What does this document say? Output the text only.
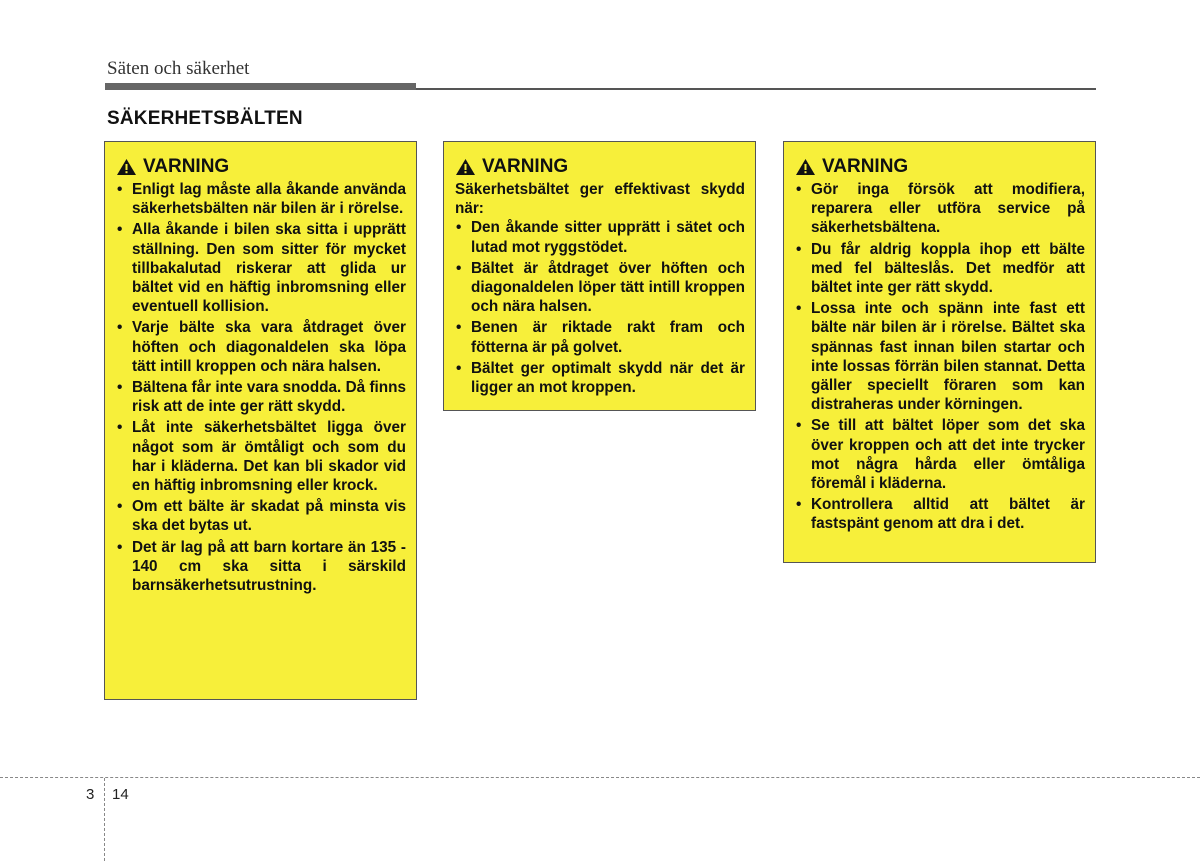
Säten och säkerhet
SÄKERHETSBÄLTEN
VARNING
• Enligt lag måste alla åkande använda säkerhetsbälten när bilen är i rörelse.
• Alla åkande i bilen ska sitta i upprätt ställning. Den som sitter för mycket tillbakalutad riskerar att glida ur bältet vid en häftig inbromsning eller eventuell kollision.
• Varje bälte ska vara åtdraget över höften och diagonaldelen ska löpa tätt intill kroppen och nära halsen.
• Bältena får inte vara snodda. Då finns risk att de inte ger rätt skydd.
• Låt inte säkerhetsbältet ligga över något som är ömtåligt och som du har i kläderna. Det kan bli skador vid en häftig inbromsning eller krock.
• Om ett bälte är skadat på minsta vis ska det bytas ut.
• Det är lag på att barn kortare än 135 - 140 cm ska sitta i särskild barnsäkerhetsutrustning.
VARNING
Säkerhetsbältet ger effektivast skydd när:
• Den åkande sitter upprätt i sätet och lutad mot ryggstödet.
• Bältet är åtdraget över höften och diagonaldelen löper tätt intill kroppen och nära halsen.
• Benen är riktade rakt fram och fötterna är på golvet.
• Bältet ger optimalt skydd när det är ligger an mot kroppen.
VARNING
• Gör inga försök att modifiera, reparera eller utföra service på säkerhetsbältena.
• Du får aldrig koppla ihop ett bälte med fel bälteslås. Det medför att bältet inte ger rätt skydd.
• Lossa inte och spänn inte fast ett bälte när bilen är i rörelse. Bältet ska spännas fast innan bilen startar och inte lossas förrän bilen stannat. Detta gäller speciellt föraren som kan distraheras under körningen.
• Se till att bältet löper som det ska över kroppen och att det inte trycker mot några hårda eller ömtåliga föremål i kläderna.
• Kontrollera alltid att bältet är fastspänt genom att dra i det.
3 14
